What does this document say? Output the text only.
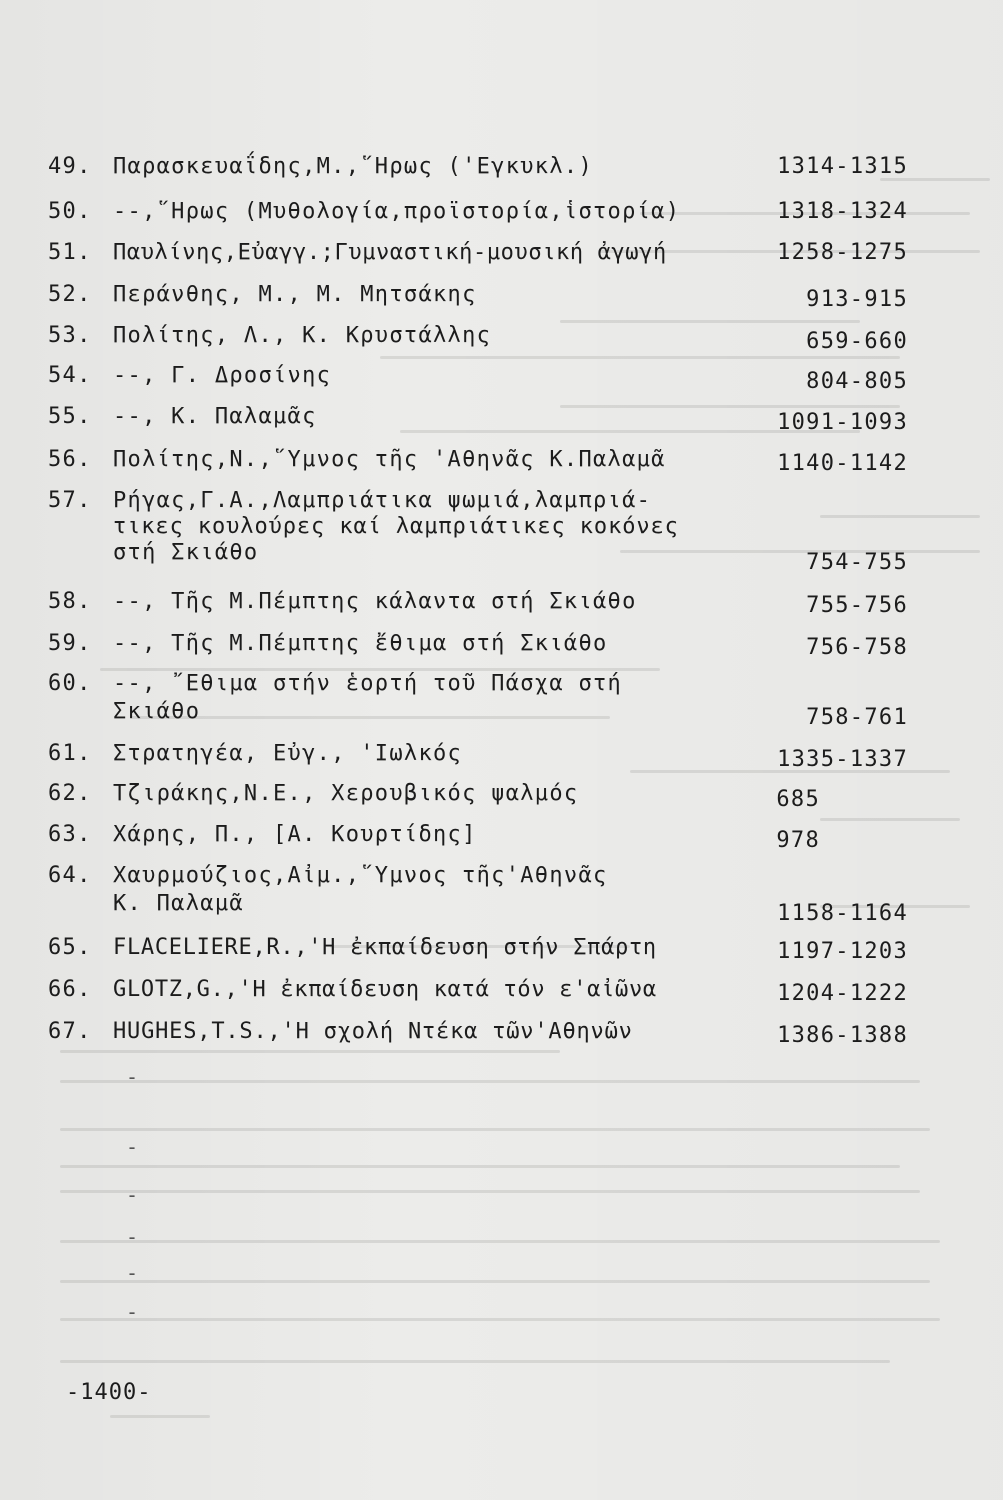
49. Παρασκευαΐδης,Μ.,῞Ηρως ('Εγκυκλ.)	1314-1315
50. --,῞Ηρως (Μυθολογία,προϊστορία,ἱστορία)	1318-1324
51. Παυλίνης,Εὐαγγ.;Γυμναστική-μουσική ἀγωγή	1258-1275
52. Περάνθης, Μ., Μ. Μητσάκης	913-915
53. Πολίτης, Λ., Κ. Κρυστάλλης	659-660
54. --, Γ. Δροσίνης	804-805
55. --, Κ. Παλαμᾶς	1091-1093
56. Πολίτης,Ν.,῞Υμνος τῆς 'Αθηνᾶς Κ.Παλαμᾶ	1140-1142
57. Ρήγας,Γ.Α.,Λαμπριάτικα ψωμιά,λαμπριά-
τικες κουλούρες καί λαμπριάτικες κοκόνες
στή Σκιάθο	754-755
58. --, Τῆς Μ.Πέμπτης κάλαντα στή Σκιάθο	755-756
59. --, Τῆς Μ.Πέμπτης ἔθιμα στή Σκιάθο	756-758
60. --, ῎Εθιμα στήν ἑορτή τοῦ Πάσχα στή
Σκιάθο	758-761
61. Στρατηγέα, Εὐγ., 'Ιωλκός	1335-1337
62. Τζιράκης,Ν.Ε., Χερουβικός ψαλμός	685
63. Χάρης, Π., [Α. Κουρτίδης]	978
64. Χαυρμούζιος,Αἰμ.,῞Υμνος τῆς'Αθηνᾶς
Κ. Παλαμᾶ	1158-1164
65. FLACELIERE,R.,'Η ἐκπαίδευση στήν Σπάρτη	1197-1203
66. GLOTZ,G.,'Η ἐκπαίδευση κατά τόν ε'αἰῶνα	1204-1222
67. HUGHES,T.S.,'Η σχολή Ντέκα τῶν'Αθηνῶν	1386-1388
-
-
-
-
-
-
-1400-
